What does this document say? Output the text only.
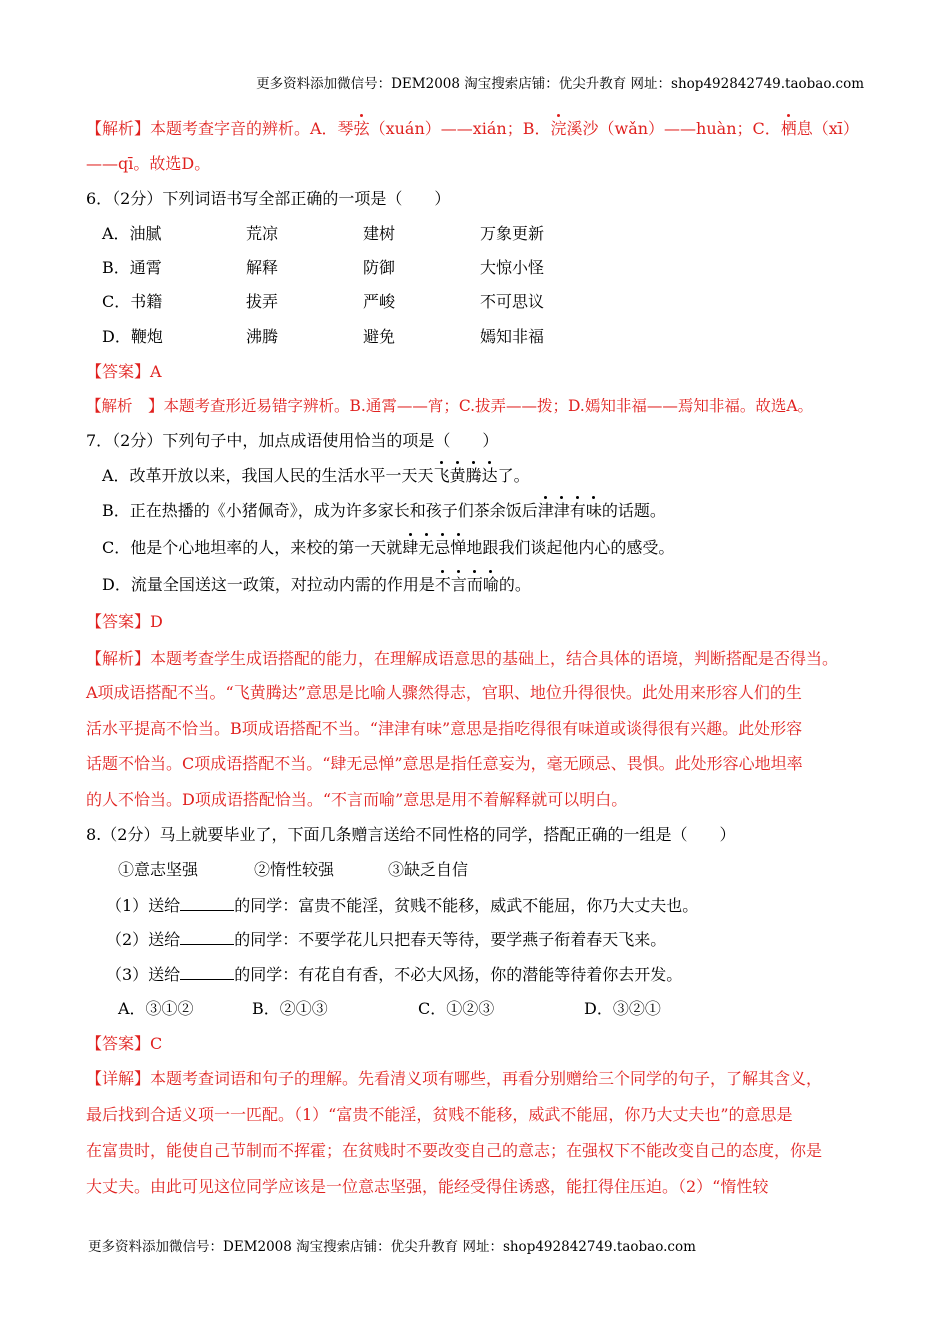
更多资料添加微信号：DEM2008 淘宝搜索店铺：优尖升教育 网址：shop492842749.taobao.com
【解析】本题考查字音的辨析。A．琴弦（xuán）——xián；B．浣溪沙（wǎn）——huàn；C．栖息（xī）
——qī。故选D。
6．（2分）下列词语书写全部正确的一项是（　　）
A．油腻	荒凉	建树	万象更新
B．通霄	解释	防御	大惊小怪
C．书籍	拔弄	严峻	不可思议
D．鞭炮	沸腾	避免	嫣知非福
【答案】A
【解析　】本题考查形近易错字辨析。B.通霄——宵；C.拔弄——拨；D.嫣知非福——焉知非福。故选A。
7．（2分）下列句子中，加点成语使用恰当的项是（　　）
A．改革开放以来，我国人民的生活水平一天天飞黄腾达了。
B．正在热播的《小猪佩奇》，成为许多家长和孩子们茶余饭后津津有味的话题。
C．他是个心地坦率的人，来校的第一天就肆无忌惮地跟我们谈起他内心的感受。
D．流量全国送这一政策，对拉动内需的作用是不言而喻的。
【答案】D
【解析】本题考查学生成语搭配的能力，在理解成语意思的基础上，结合具体的语境，判断搭配是否得当。
A项成语搭配不当。“飞黄腾达”意思是比喻人骤然得志，官职、地位升得很快。此处用来形容人们的生
活水平提高不恰当。B项成语搭配不当。“津津有味”意思是指吃得很有味道或谈得很有兴趣。此处形容
话题不恰当。C项成语搭配不当。“肆无忌惮”意思是指任意妄为，毫无顾忌、畏惧。此处形容心地坦率
的人不恰当。D项成语搭配恰当。“不言而喻”意思是用不着解释就可以明白。
8.（2分）马上就要毕业了，下面几条赠言送给不同性格的同学，搭配正确的一组是（　　）
①意志坚强	②惰性较强	③缺乏自信
（1）送给	的同学：富贵不能淫，贫贱不能移，威武不能屈，你乃大丈夫也。
（2）送给	的同学：不要学花儿只把春天等待，要学燕子衔着春天飞来。
（3）送给	的同学：有花自有香，不必大风扬，你的潜能等待着你去开发。
A．③①②	B．②①③	C．①②③	D．③②①
【答案】C
【详解】本题考查词语和句子的理解。先看清义项有哪些，再看分别赠给三个同学的句子，了解其含义，
最后找到合适义项一一匹配。（1）“富贵不能淫，贫贱不能移，威武不能屈，你乃大丈夫也”的意思是
在富贵时，能使自己节制而不挥霍；在贫贱时不要改变自己的意志；在强权下不能改变自己的态度，你是
大丈夫。由此可见这位同学应该是一位意志坚强，能经受得住诱惑，能扛得住压迫。（2）“惰性较
更多资料添加微信号：DEM2008 淘宝搜索店铺：优尖升教育 网址：shop492842749.taobao.com
